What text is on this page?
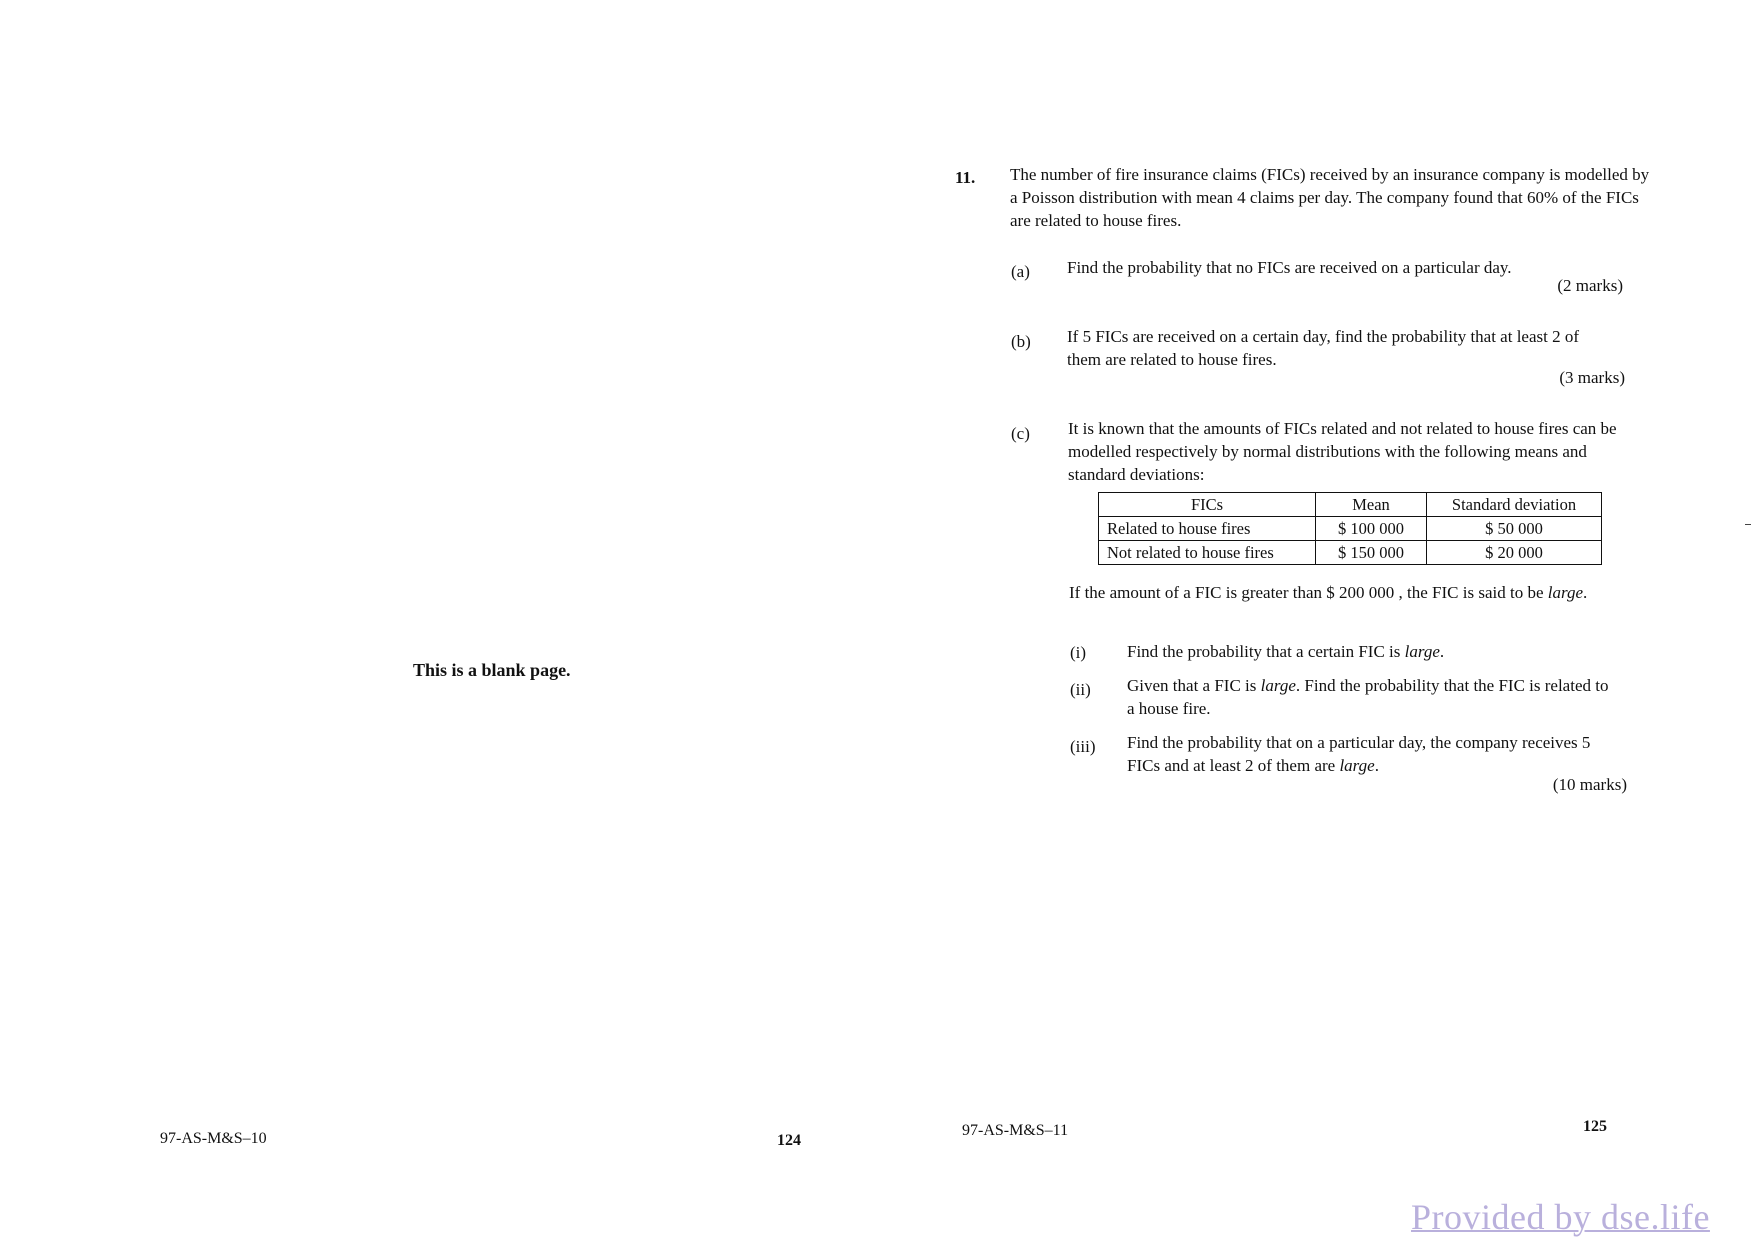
This is a blank page.
97-AS-M&S–10	124
11. The number of fire insurance claims (FICs) received by an insurance company is modelled by a Poisson distribution with mean 4 claims per day. The company found that 60% of the FICs are related to house fires.
(a) Find the probability that no FICs are received on a particular day.
(2 marks)
(b) If 5 FICs are received on a certain day, find the probability that at least 2 of them are related to house fires.
(3 marks)
(c) It is known that the amounts of FICs related and not related to house fires can be modelled respectively by normal distributions with the following means and standard deviations:
FICs	Mean	Standard deviation
Related to house fires	$ 100 000	$ 50 000
Not related to house fires	$ 150 000	$ 20 000
If the amount of a FIC is greater than $ 200 000 , the FIC is said to be large.
(i) Find the probability that a certain FIC is large.
(ii) Given that a FIC is large. Find the probability that the FIC is related to a house fire.
(iii) Find the probability that on a particular day, the company receives 5 FICs and at least 2 of them are large.
(10 marks)
97-AS-M&S–11	125
Provided by dse.life
